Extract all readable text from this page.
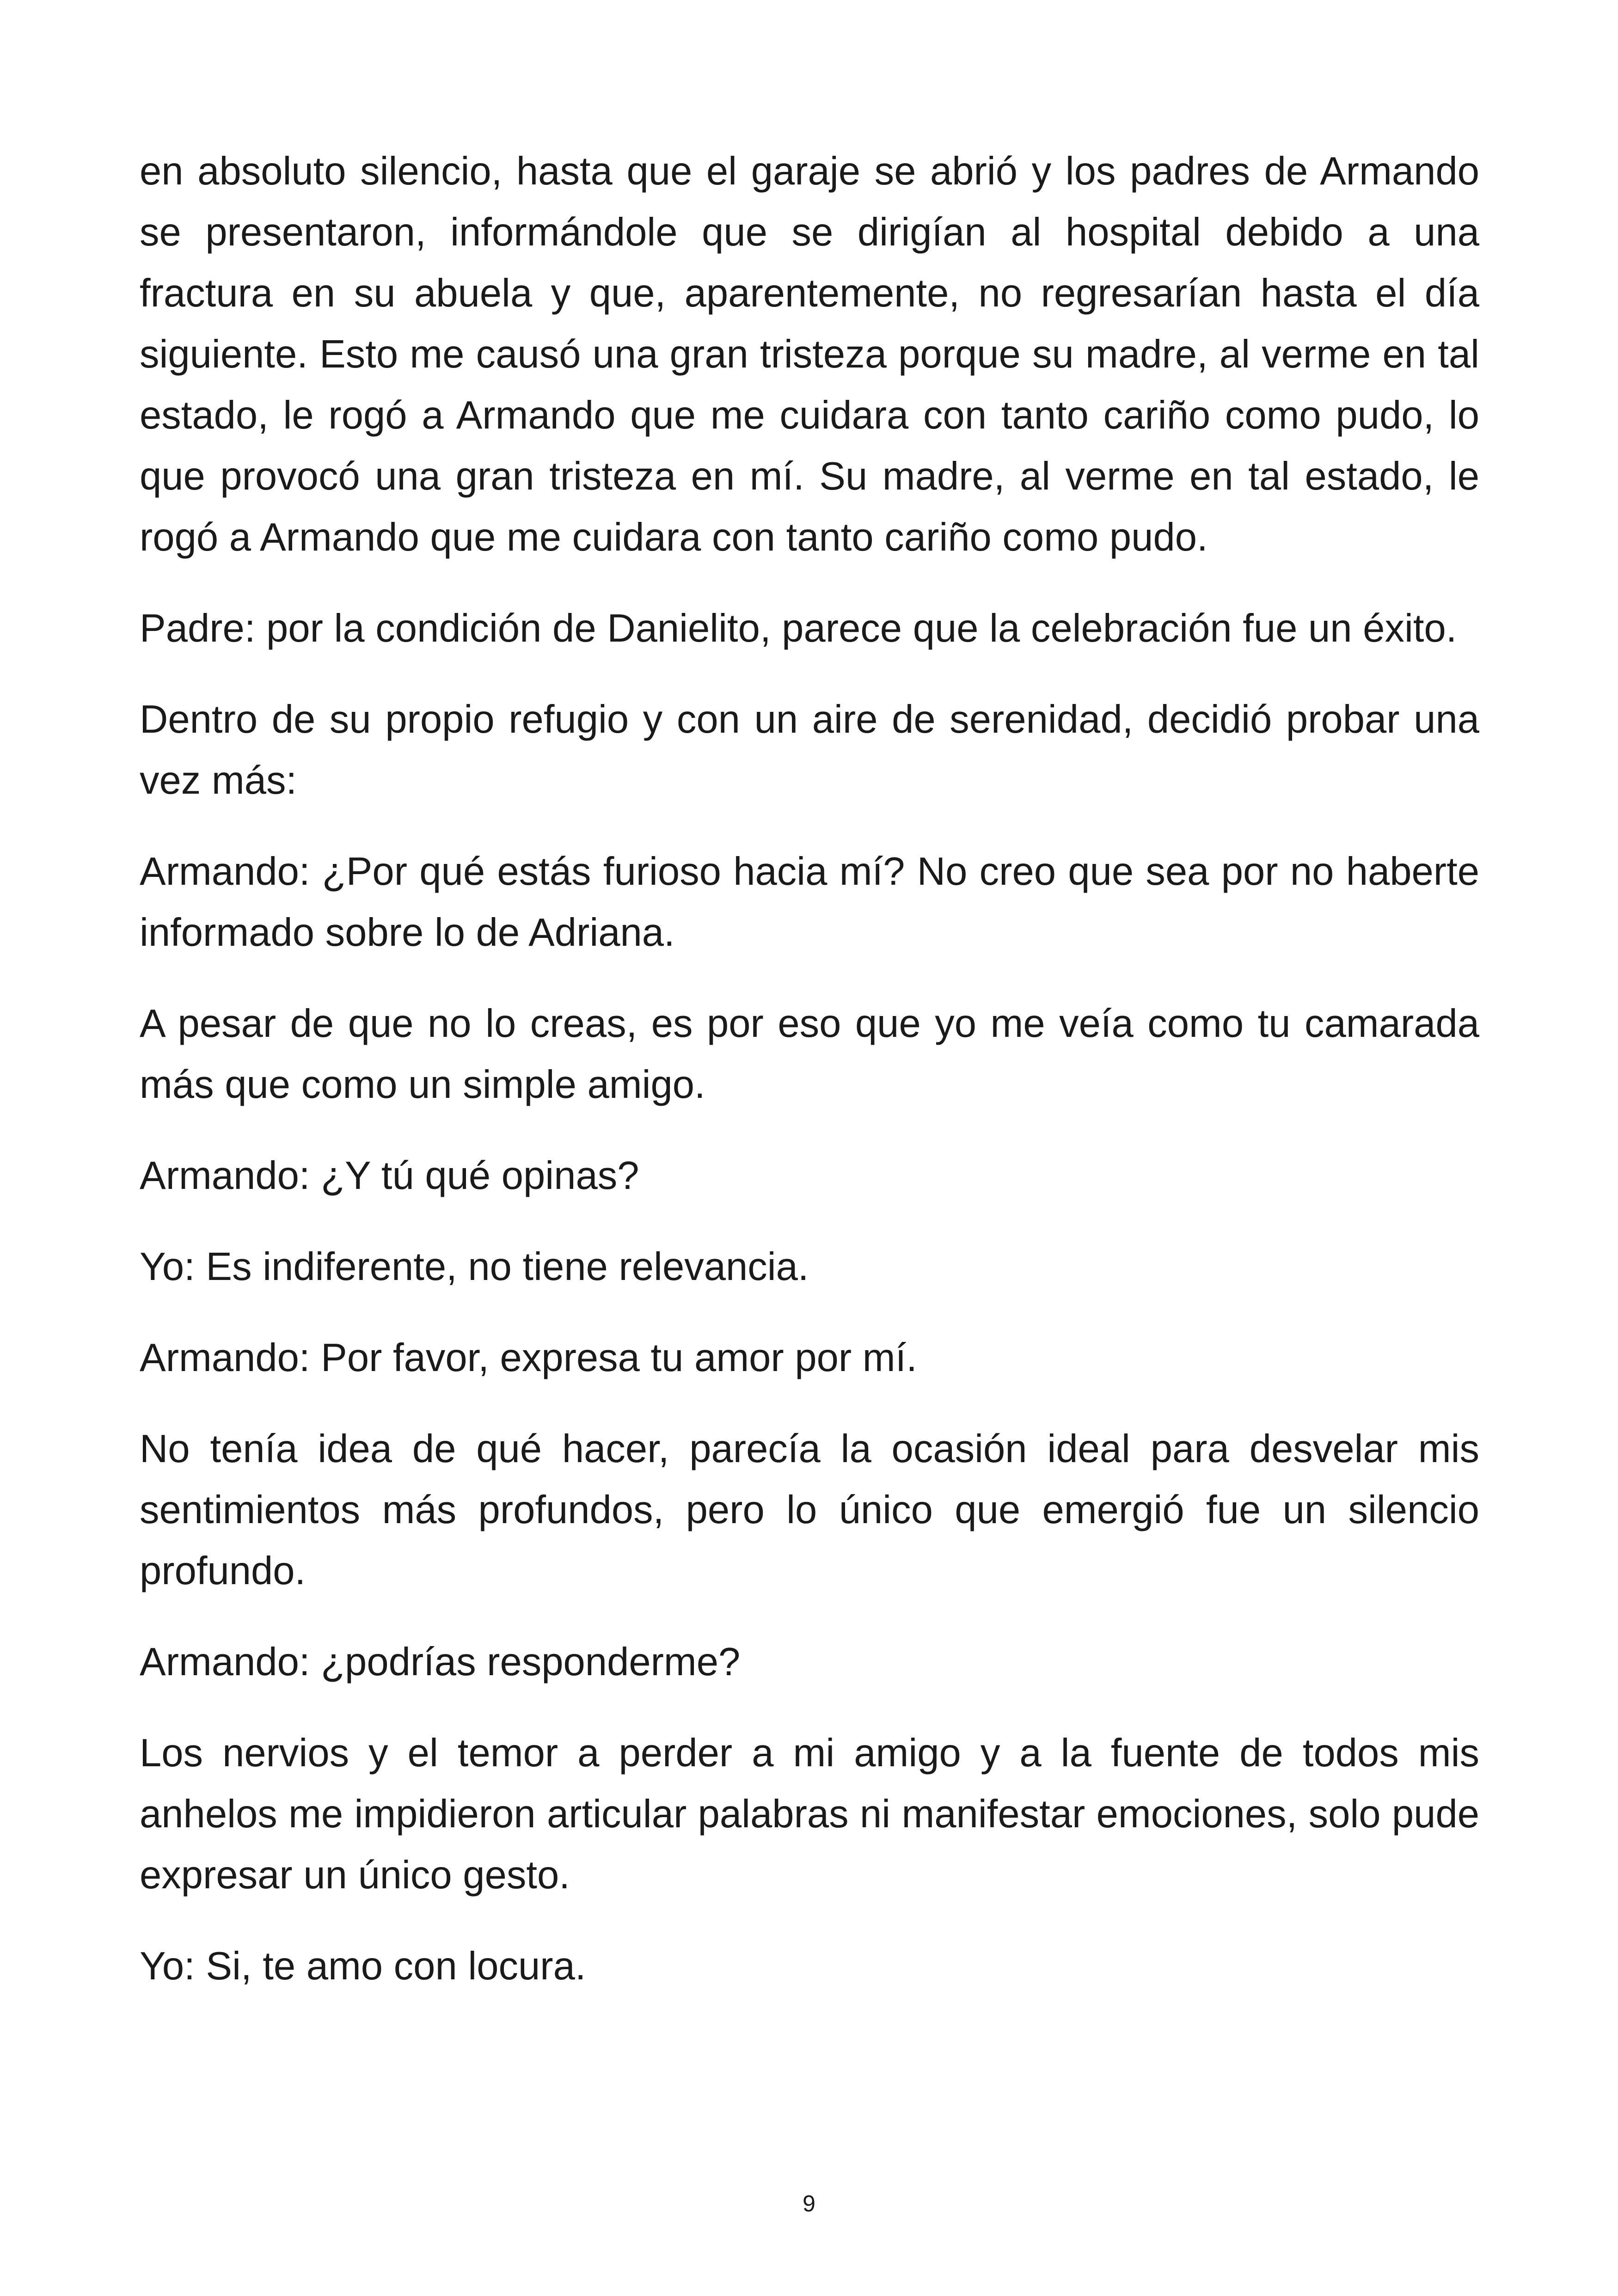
en absoluto silencio, hasta que el garaje se abrió y los padres de Armando se presentaron, informándole que se dirigían al hospital debido a una fractura en su abuela y que, aparentemente, no regresarían hasta el día siguiente. Esto me causó una gran tristeza porque su madre, al verme en tal estado, le rogó a Armando que me cuidara con tanto cariño como pudo, lo que provocó una gran tristeza en mí. Su madre, al verme en tal estado, le rogó a Armando que me cuidara con tanto cariño como pudo.

Padre: por la condición de Danielito, parece que la celebración fue un éxito.

Dentro de su propio refugio y con un aire de serenidad, decidió probar una vez más:

Armando: ¿Por qué estás furioso hacia mí? No creo que sea por no haberte informado sobre lo de Adriana.

A pesar de que no lo creas, es por eso que yo me veía como tu camarada más que como un simple amigo.

Armando: ¿Y tú qué opinas?

Yo: Es indiferente, no tiene relevancia.

Armando: Por favor, expresa tu amor por mí.

No tenía idea de qué hacer, parecía la ocasión ideal para desvelar mis sentimientos más profundos, pero lo único que emergió fue un silencio profundo.

Armando: ¿podrías responderme?

Los nervios y el temor a perder a mi amigo y a la fuente de todos mis anhelos me impidieron articular palabras ni manifestar emociones, solo pude expresar un único gesto.

Yo: Si, te amo con locura.

9
